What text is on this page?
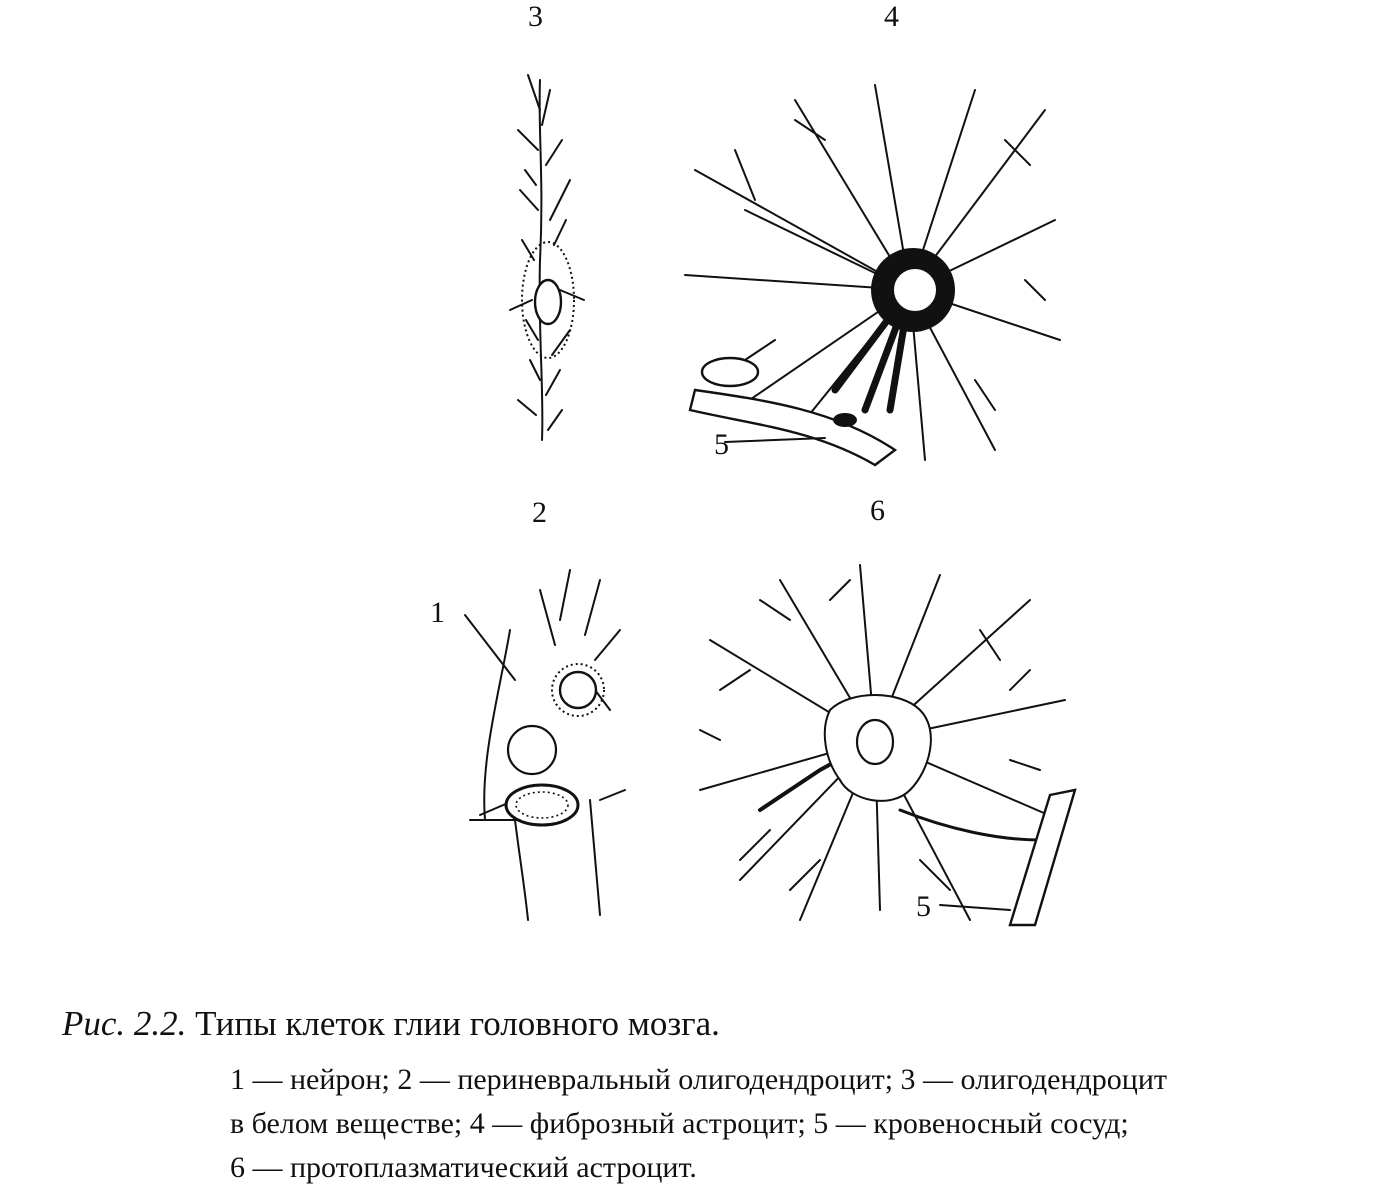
3	4
2	6
1
5
5
Рис. 2.2. Типы клеток глии головного мозга.
1 — нейрон; 2 — периневральный олигодендроцит; 3 — олигодендроцит
в белом веществе; 4 — фиброзный астроцит; 5 — кровеносный сосуд;
6 — протоплазматический астроцит.
